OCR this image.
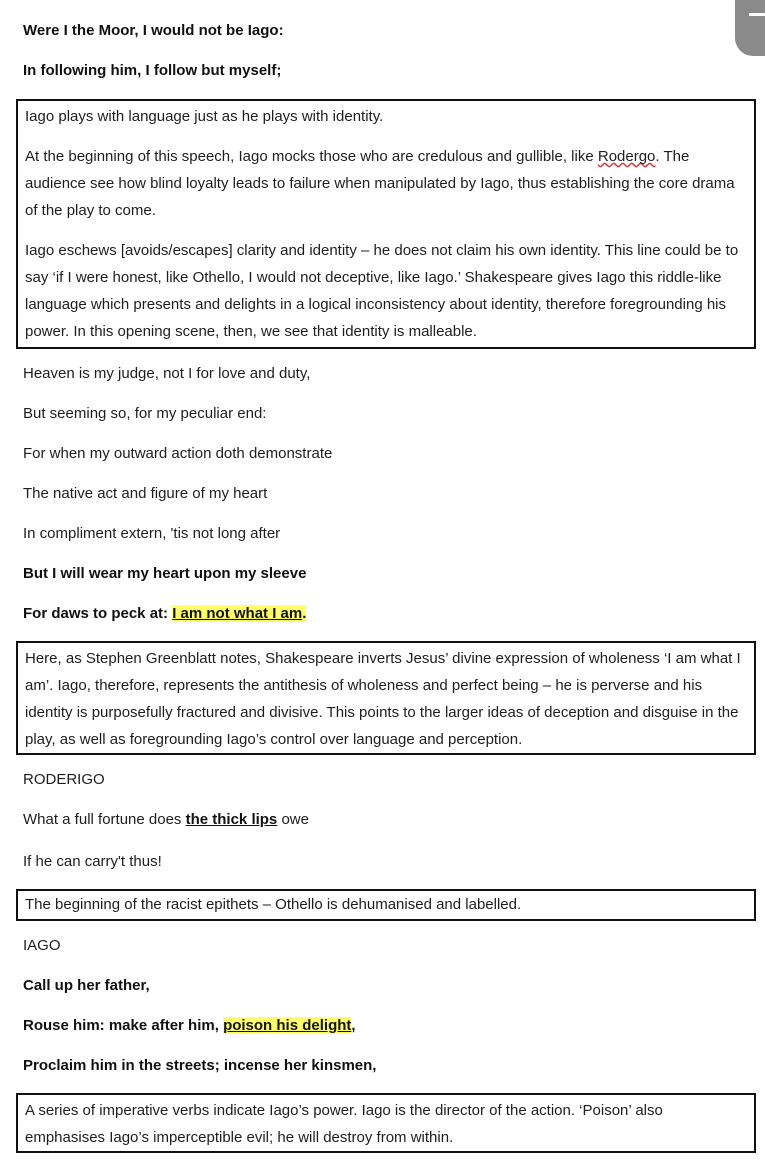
Were I the Moor, I would not be Iago:
In following him, I follow but myself;

Iago plays with language just as he plays with identity.

At the beginning of this speech, Iago mocks those who are credulous and gullible, like Rodergo. The audience see how blind loyalty leads to failure when manipulated by Iago, thus establishing the core drama of the play to come.

Iago eschews [avoids/escapes] clarity and identity – he does not claim his own identity. This line could be to say ‘if I were honest, like Othello, I would not deceptive, like Iago.’ Shakespeare gives Iago this riddle-like language which presents and delights in a logical inconsistency about identity, therefore foregrounding his power. In this opening scene, then, we see that identity is malleable.

Heaven is my judge, not I for love and duty,
But seeming so, for my peculiar end:
For when my outward action doth demonstrate
The native act and figure of my heart
In compliment extern, 'tis not long after
But I will wear my heart upon my sleeve
For daws to peck at: I am not what I am.

Here, as Stephen Greenblatt notes, Shakespeare inverts Jesus’ divine expression of wholeness ‘I am what I am’. Iago, therefore, represents the antithesis of wholeness and perfect being – he is perverse and his identity is purposefully fractured and divisive. This points to the larger ideas of deception and disguise in the play, as well as foregrounding Iago’s control over language and perception.

RODERIGO
What a full fortune does the thick lips owe
If he can carry't thus!

The beginning of the racist epithets – Othello is dehumanised and labelled.

IAGO
Call up her father,
Rouse him: make after him, poison his delight,
Proclaim him in the streets; incense her kinsmen,

A series of imperative verbs indicate Iago’s power. Iago is the director of the action. ‘Poison’ also emphasises Iago’s imperceptible evil; he will destroy from within.
